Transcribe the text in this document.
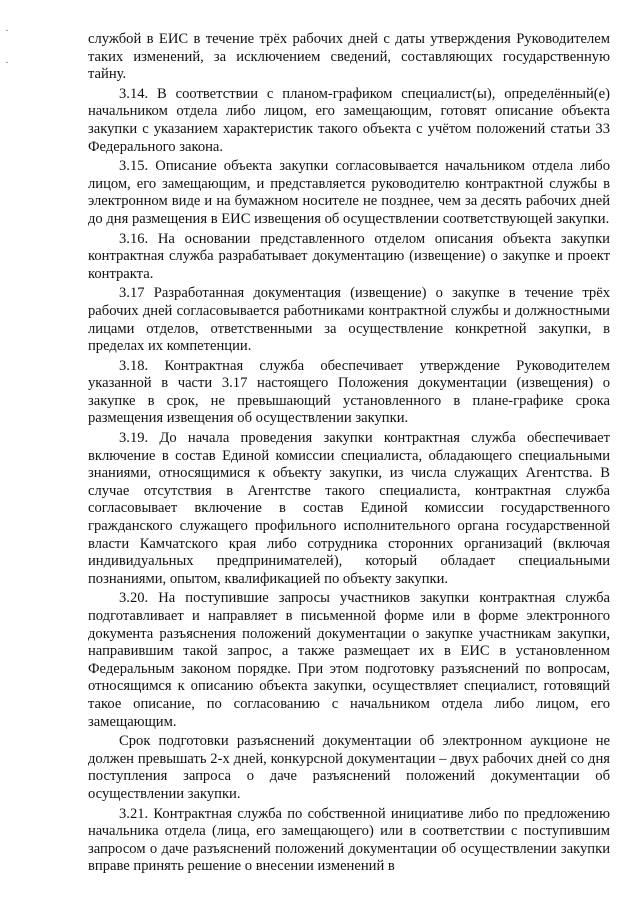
службой в ЕИС в течение трёх рабочих дней с даты утверждения Руководителем таких изменений, за исключением сведений, составляющих государственную тайну.

3.14. В соответствии с планом-графиком специалист(ы), определённый(е) начальником отдела либо лицом, его замещающим, готовят описание объекта закупки с указанием характеристик такого объекта с учётом положений статьи 33 Федерального закона.

3.15. Описание объекта закупки согласовывается начальником отдела либо лицом, его замещающим, и представляется руководителю контрактной службы в электронном виде и на бумажном носителе не позднее, чем за десять рабочих дней до дня размещения в ЕИС извещения об осуществлении соответствующей закупки.

3.16. На основании представленного отделом описания объекта закупки контрактная служба разрабатывает документацию (извещение) о закупке и проект контракта.

3.17 Разработанная документация (извещение) о закупке в течение трёх рабочих дней согласовывается работниками контрактной службы и должностными лицами отделов, ответственными за осуществление конкретной закупки, в пределах их компетенции.

3.18. Контрактная служба обеспечивает утверждение Руководителем указанной в части 3.17 настоящего Положения документации (извещения) о закупке в срок, не превышающий установленного в плане-графике срока размещения извещения об осуществлении закупки.

3.19. До начала проведения закупки контрактная служба обеспечивает включение в состав Единой комиссии специалиста, обладающего специальными знаниями, относящимися к объекту закупки, из числа служащих Агентства. В случае отсутствия в Агентстве такого специалиста, контрактная служба согласовывает включение в состав Единой комиссии государственного гражданского служащего профильного исполнительного органа государственной власти Камчатского края либо сотрудника сторонних организаций (включая индивидуальных предпринимателей), который обладает специальными познаниями, опытом, квалификацией по объекту закупки.

3.20. На поступившие запросы участников закупки контрактная служба подготавливает и направляет в письменной форме или в форме электронного документа разъяснения положений документации о закупке участникам закупки, направившим такой запрос, а также размещает их в ЕИС в установленном Федеральным законом порядке. При этом подготовку разъяснений по вопросам, относящимся к описанию объекта закупки, осуществляет специалист, готовящий такое описание, по согласованию с начальником отдела либо лицом, его замещающим.

Срок подготовки разъяснений документации об электронном аукционе не должен превышать 2-х дней, конкурсной документации – двух рабочих дней со дня поступления запроса о даче разъяснений положений документации об осуществлении закупки.

3.21. Контрактная служба по собственной инициативе либо по предложению начальника отдела (лица, его замещающего) или в соответствии с поступившим запросом о даче разъяснений положений документации об осуществлении закупки вправе принять решение о внесении изменений в
